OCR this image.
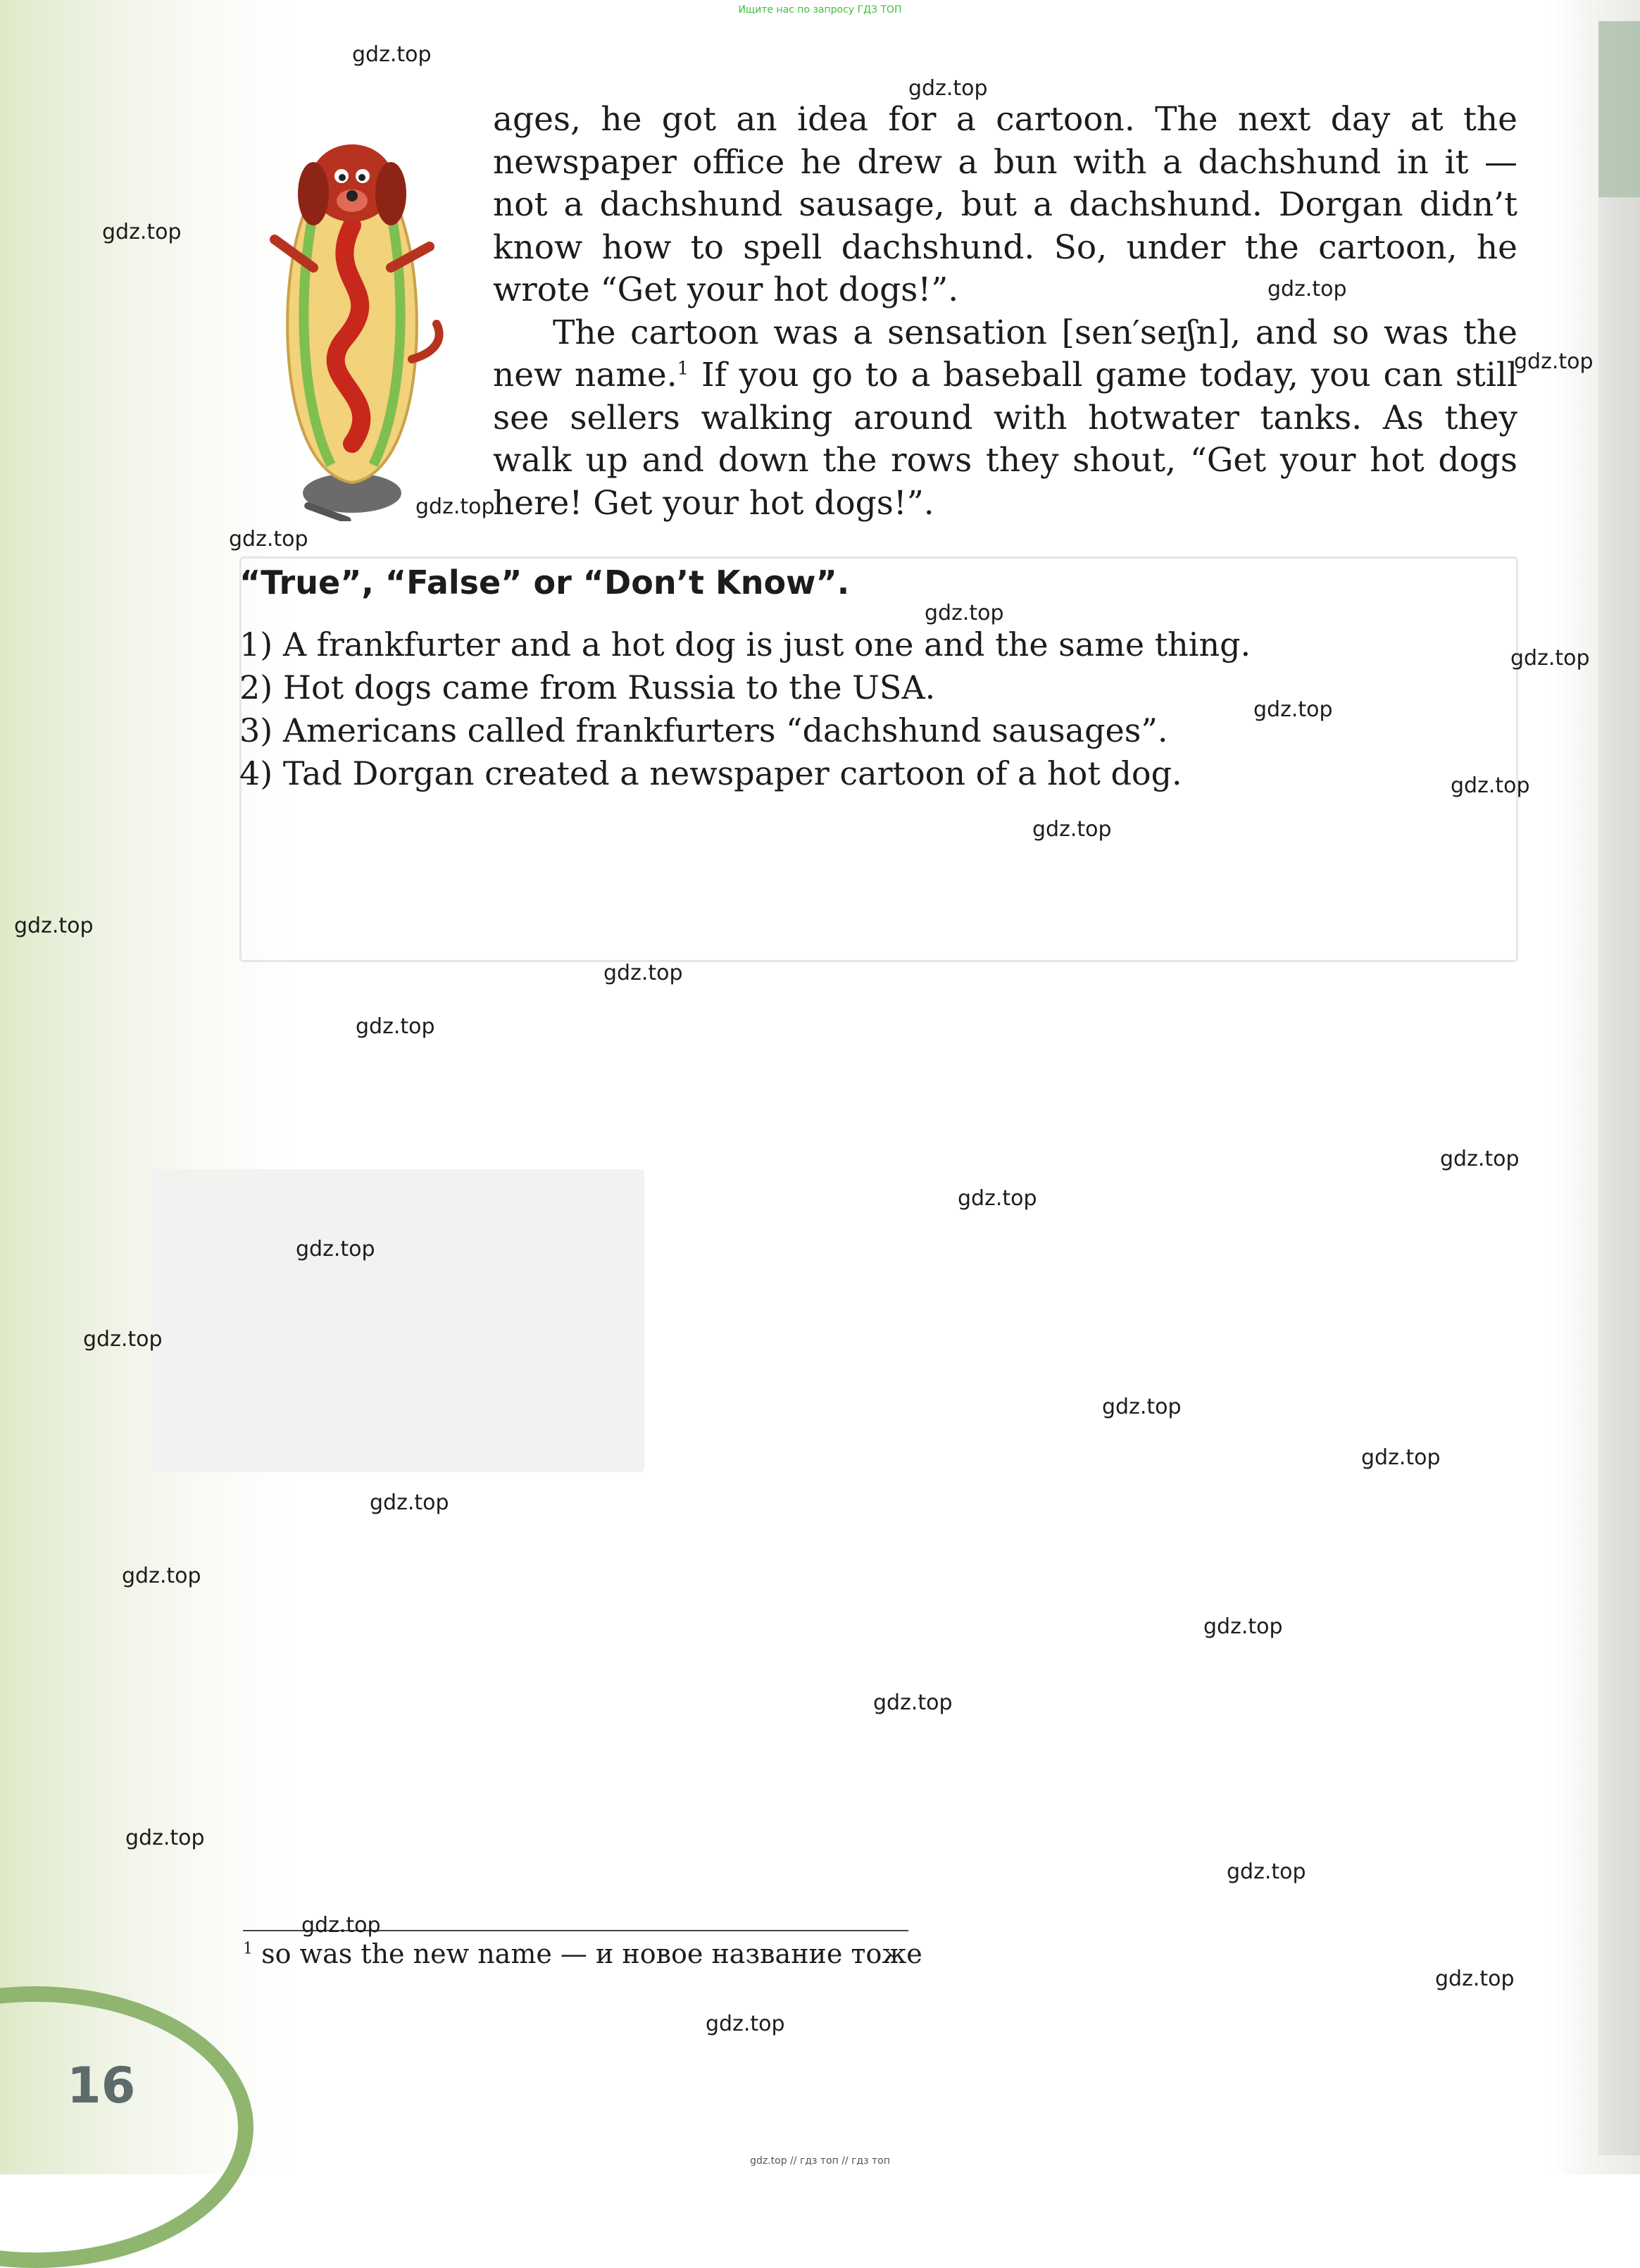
Ищите нас по запросу ГДЗ ТОП

ages, he got an idea for a cartoon. The next day at the newspaper office he drew a bun with a dachshund in it — not a dachshund sausage, but a dachshund. Dorgan didn’t know how to spell dachshund. So, under the cartoon, he wrote “Get your hot dogs!”.

The cartoon was a sensation [sen′seɪʃn], and so was the new name.$^1$ If you go to a baseball game today, you can still see sellers walking around with hotwater tanks. As they walk up and down the rows they shout, “Get your hot dogs here! Get your hot dogs!”.

“True”, “False” or “Don’t Know”.
1) A frankfurter and a hot dog is just one and the same thing.
2) Hot dogs came from Russia to the USA.
3) Americans called frankfurters “dachshund sausages”.
4) Tad Dorgan created a newspaper cartoon of a hot dog.
$^1$ so was the new name — и новое название тоже
16
gdz.top
gdz.top
gdz.top
gdz.top
gdz.top
gdz.top
gdz.top
gdz.top
gdz.top
gdz.top
gdz.top
gdz.top
gdz.top
gdz.top
gdz.top
gdz.top
gdz.top
gdz.top
gdz.top
gdz.top
gdz.top
gdz.top
gdz.top
gdz.top
gdz.top
gdz.top
gdz.top
gdz.top
gdz.top
gdz.top
gdz.top // гдз топ // гдз топ
